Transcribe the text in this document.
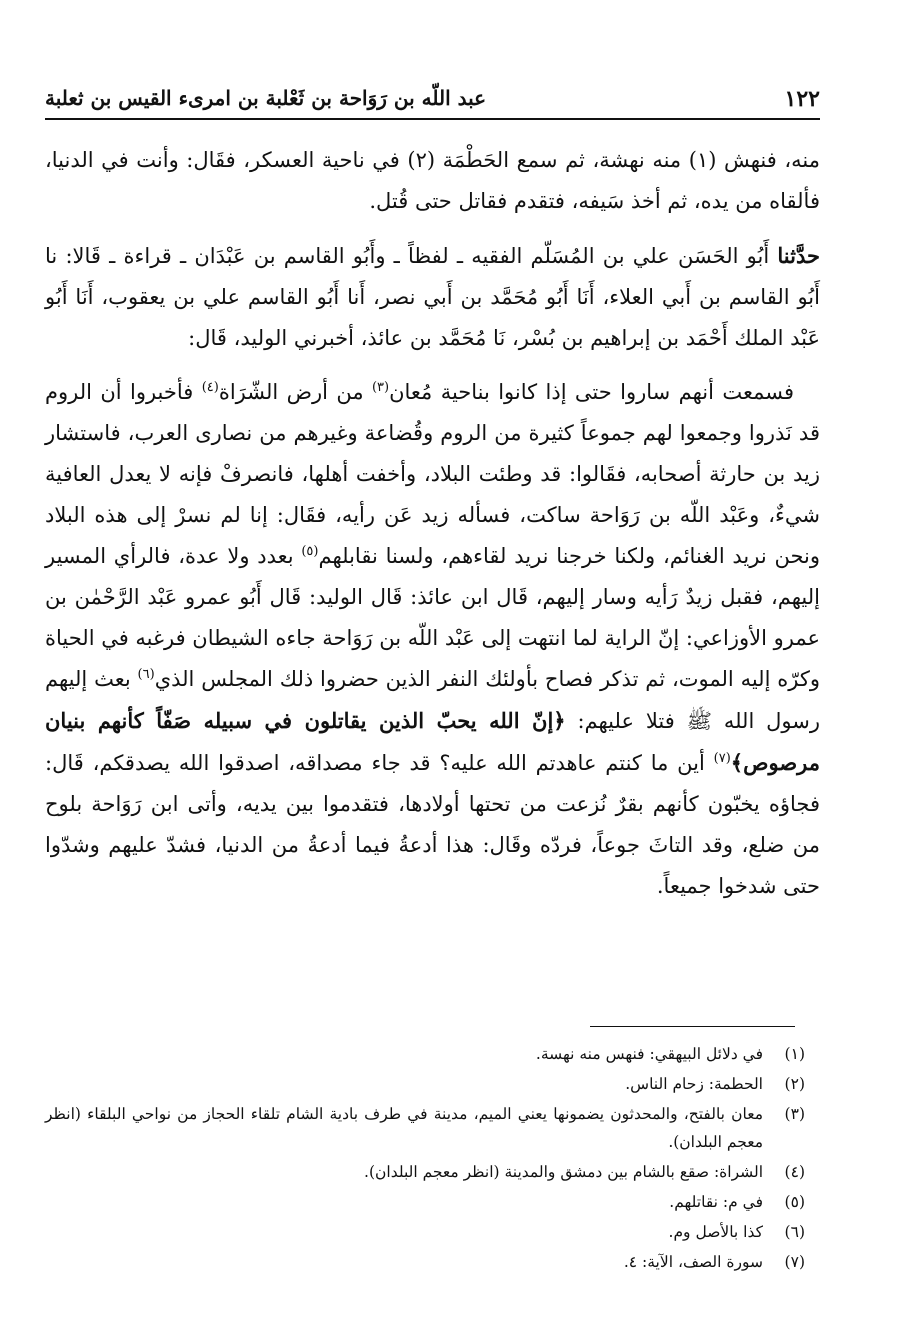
١٢٢
عبد اللّه بن رَوَاحة بن ثَعْلبة بن امرىء القيس بن ثعلبة

منه، فنهش (١) منه نهشة، ثم سمع الحَطْمَة (٢) في ناحية العسكر، فقَال: وأنت في الدنيا، فألقاه من يده، ثم أخذ سَيفه، فتقدم فقاتل حتى قُتل.

حدَّثنا أَبُو الحَسَن علي بن المُسَلّم الفقيه ـ لفظاً ـ وأَبُو القاسم بن عَبْدَان ـ قراءة ـ قَالا: نا أَبُو القاسم بن أَبي العلاء، أَنَا أَبُو مُحَمَّد بن أَبي نصر، أَنا أَبُو القاسم علي بن يعقوب، أَنَا أَبُو عَبْد الملك أَحْمَد بن إبراهيم بن بُسْر، نَا مُحَمَّد بن عائذ، أخبرني الوليد، قَال:

فسمعت أنهم ساروا حتى إذا كانوا بناحية مُعان$^{(٣)}$ من أرض الشّرَاة$^{(٤)}$ فأخبروا أن الروم قد نَذروا وجمعوا لهم جموعاً كثيرة من الروم وقُضاعة وغيرهم من نصارى العرب، فاستشار زيد بن حارثة أصحابه، فقَالوا: قد وطئت البلاد، وأخفت أهلها، فانصرفْ فإنه لا يعدل العافية شيءٌ، وعَبْد اللّه بن رَوَاحة ساكت، فسأله زيد عَن رأيه، فقَال: إنا لم نسرْ إلى هذه البلاد ونحن نريد الغنائم، ولكنا خرجنا نريد لقاءهم، ولسنا نقابلهم$^{(٥)}$ بعدد ولا عدة، فالرأي المسير إليهم، فقبل زيدٌ رَأيه وسار إليهم، قَال ابن عائذ: قَال الوليد: قَال أَبُو عمرو عَبْد الرَّحْمٰن بن عمرو الأوزاعي: إنّ الراية لما انتهت إلى عَبْد اللّه بن رَوَاحة جاءه الشيطان فرغبه في الحياة وكرّه إليه الموت، ثم تذكر فصاح بأولئك النفر الذين حضروا ذلك المجلس الذي$^{(٦)}$ بعث إليهم رسول الله ﷺ فتلا عليهم: ﴿إنّ الله يحبّ الذين يقاتلون في سبيله صَفّاً كأنهم بنيان مرصوص﴾$^{(٧)}$ أين ما كنتم عاهدتم الله عليه؟ قد جاء مصداقه، اصدقوا الله يصدقكم، قَال: فجاؤه يخبّون كأنهم بقرٌ نُزعت من تحتها أولادها، فتقدموا بين يديه، وأتى ابن رَوَاحة بلوح من ضلع، وقد التاثَ جوعاً، فردّه وقَال: هذا أدعةُ فيما أدعةُ من الدنيا، فشدّ عليهم وشدّوا حتى شدخوا جميعاً.

(١)
في دلائل البيهقي: فنهس منه نهسة.
(٢)
الحطمة: زحام الناس.
(٣)
معان بالفتح، والمحدثون يضمونها يعني الميم، مدينة في طرف بادية الشام تلقاء الحجاز من نواحي البلقاء (انظر معجم البلدان).
(٤)
الشراة: صقع بالشام بين دمشق والمدينة (انظر معجم البلدان).
(٥)
في م: نقاتلهم.
(٦)
كذا بالأصل وم.
(٧)
سورة الصف، الآية: ٤.
